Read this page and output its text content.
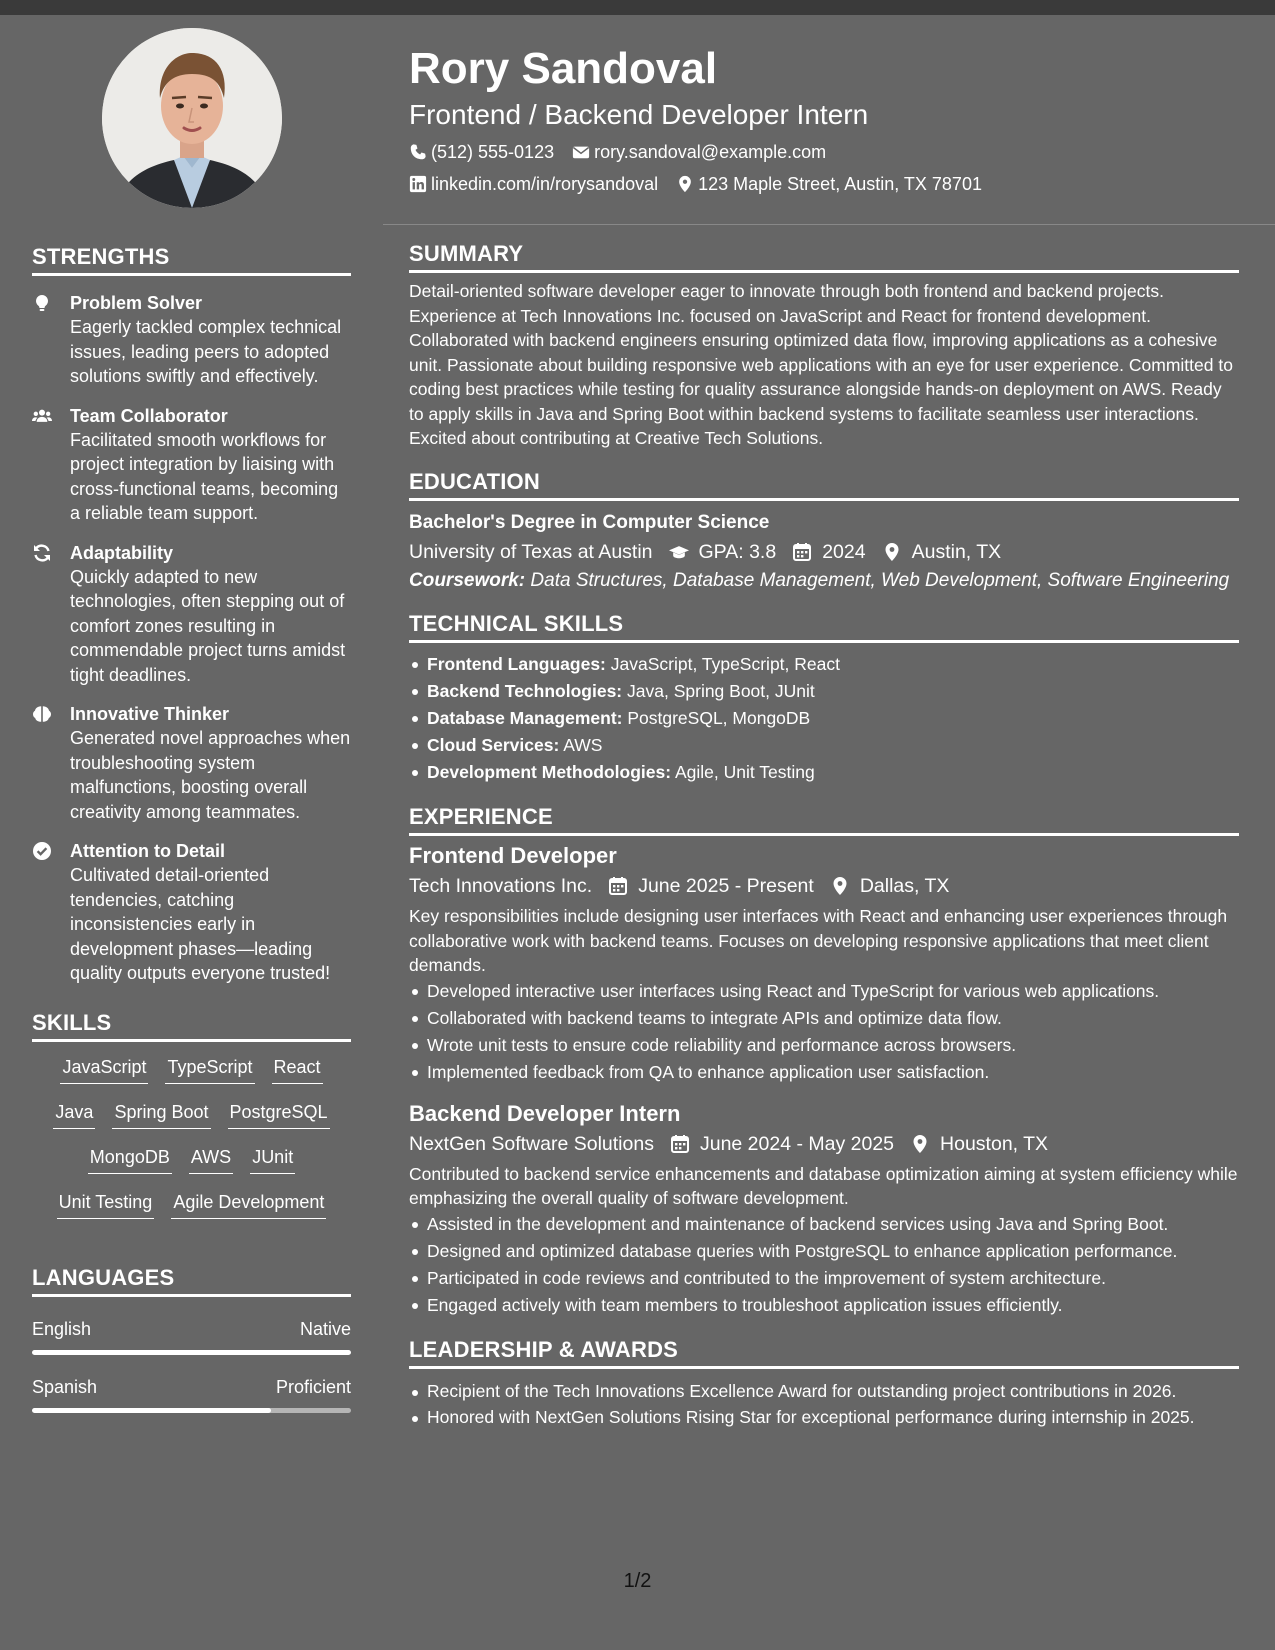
STRENGTHS
Problem Solver
Eagerly tackled complex technical issues, leading peers to adopted solutions swiftly and effectively.
Team Collaborator
Facilitated smooth workflows for project integration by liaising with cross-functional teams, becoming a reliable team support.
Adaptability
Quickly adapted to new technologies, often stepping out of comfort zones resulting in commendable project turns amidst tight deadlines.
Innovative Thinker
Generated novel approaches when troubleshooting system malfunctions, boosting overall creativity among teammates.
Attention to Detail
Cultivated detail-oriented tendencies, catching inconsistencies early in development phases—leading quality outputs everyone trusted!
SKILLS
JavaScript TypeScript React
Java Spring Boot PostgreSQL
MongoDB AWS JUnit
Unit Testing Agile Development
LANGUAGES
English	Native
Spanish	Proficient
Rory Sandoval
Frontend / Backend Developer Intern
(512) 555-0123 rory.sandoval@example.com
linkedin.com/in/rorysandoval 123 Maple Street, Austin, TX 78701
SUMMARY
Detail-oriented software developer eager to innovate through both frontend and backend projects. Experience at Tech Innovations Inc. focused on JavaScript and React for frontend development. Collaborated with backend engineers ensuring optimized data flow, improving applications as a cohesive unit. Passionate about building responsive web applications with an eye for user experience. Committed to coding best practices while testing for quality assurance alongside hands-on deployment on AWS. Ready to apply skills in Java and Spring Boot within backend systems to facilitate seamless user interactions. Excited about contributing at Creative Tech Solutions.
EDUCATION
Bachelor's Degree in Computer Science
University of Texas at Austin GPA: 3.8 2024 Austin, TX
Coursework: Data Structures, Database Management, Web Development, Software Engineering
TECHNICAL SKILLS
Frontend Languages: JavaScript, TypeScript, React
Backend Technologies: Java, Spring Boot, JUnit
Database Management: PostgreSQL, MongoDB
Cloud Services: AWS
Development Methodologies: Agile, Unit Testing
EXPERIENCE
Frontend Developer
Tech Innovations Inc. June 2025 - Present Dallas, TX
Key responsibilities include designing user interfaces with React and enhancing user experiences through collaborative work with backend teams. Focuses on developing responsive applications that meet client demands.
Developed interactive user interfaces using React and TypeScript for various web applications.
Collaborated with backend teams to integrate APIs and optimize data flow.
Wrote unit tests to ensure code reliability and performance across browsers.
Implemented feedback from QA to enhance application user satisfaction.
Backend Developer Intern
NextGen Software Solutions June 2024 - May 2025 Houston, TX
Contributed to backend service enhancements and database optimization aiming at system efficiency while emphasizing the overall quality of software development.
Assisted in the development and maintenance of backend services using Java and Spring Boot.
Designed and optimized database queries with PostgreSQL to enhance application performance.
Participated in code reviews and contributed to the improvement of system architecture.
Engaged actively with team members to troubleshoot application issues efficiently.
LEADERSHIP & AWARDS
Recipient of the Tech Innovations Excellence Award for outstanding project contributions in 2026.
Honored with NextGen Solutions Rising Star for exceptional performance during internship in 2025.
1/2
